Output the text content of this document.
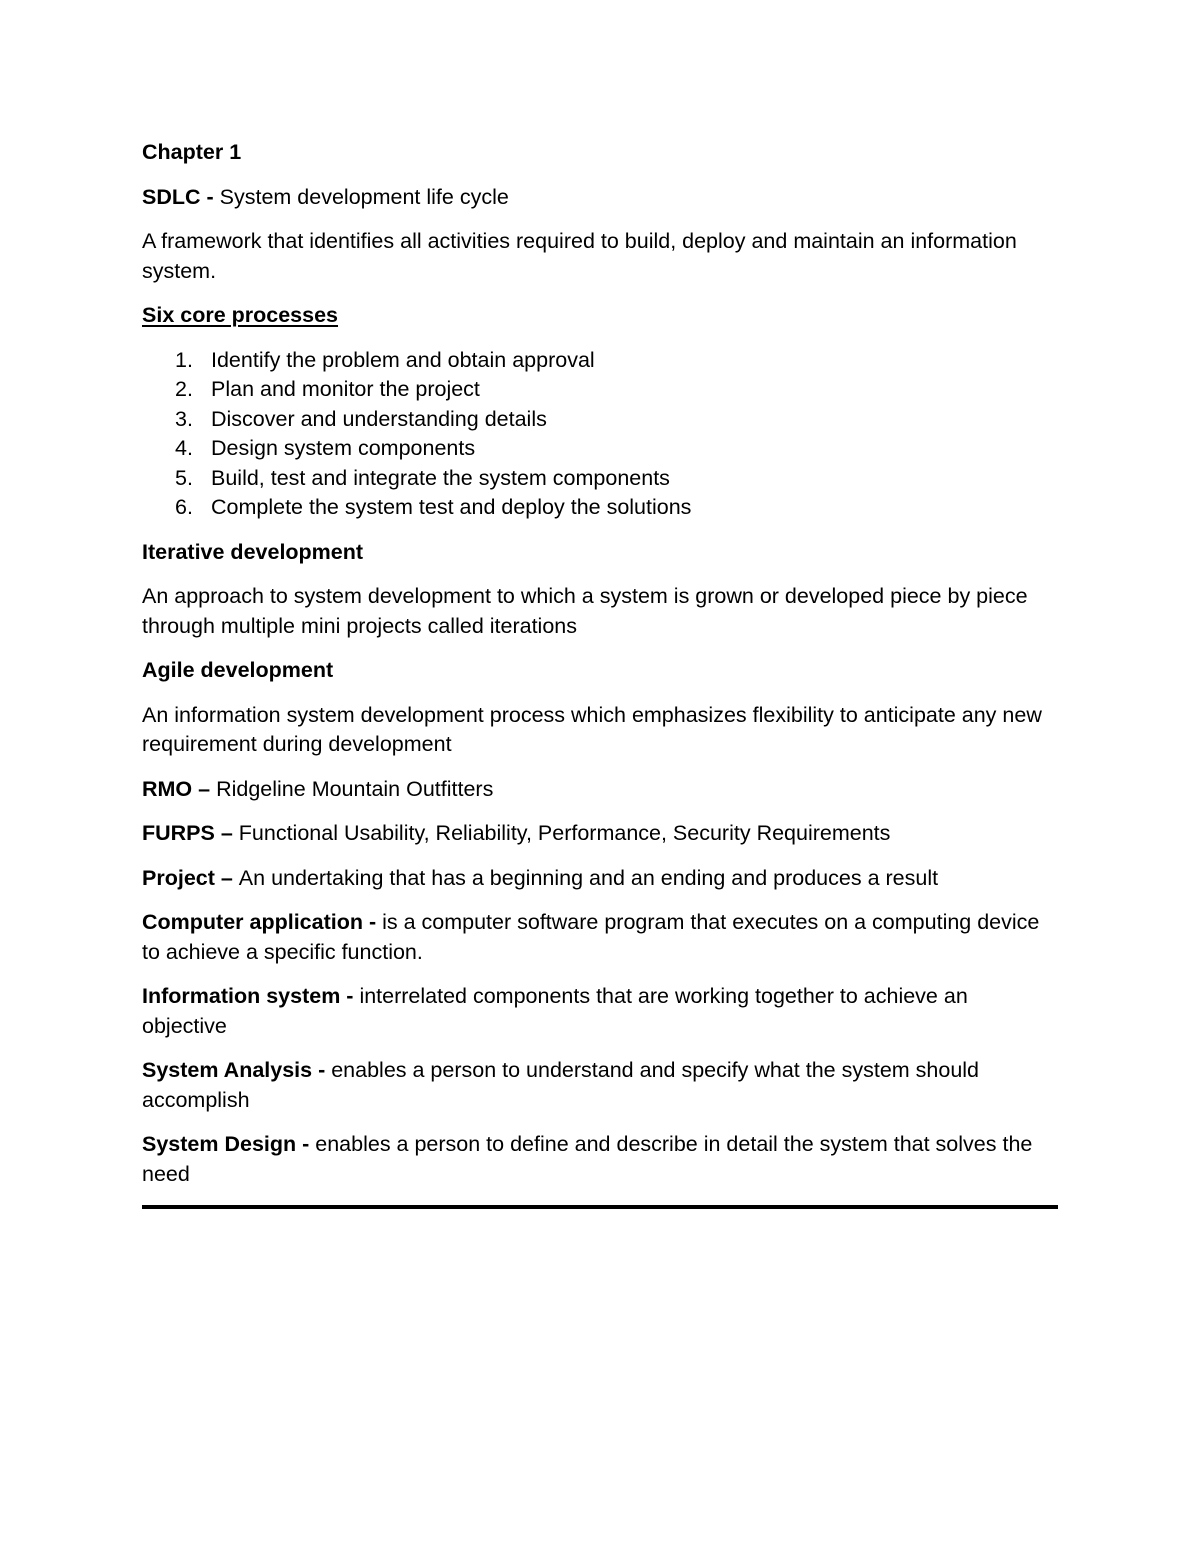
Chapter 1

SDLC - System development life cycle

A framework that identifies all activities required to build, deploy and maintain an information system.

Six core processes

1. Identify the problem and obtain approval
2. Plan and monitor the project
3. Discover and understanding details
4. Design system components
5. Build, test and integrate the system components
6. Complete the system test and deploy the solutions

Iterative development

An approach to system development to which a system is grown or developed piece by piece through multiple mini projects called iterations

Agile development

An information system development process which emphasizes flexibility to anticipate any new requirement during development

RMO – Ridgeline Mountain Outfitters

FURPS – Functional Usability, Reliability, Performance, Security Requirements

Project – An undertaking that has a beginning and an ending and produces a result

Computer application - is a computer software program that executes on a computing device to achieve a specific function.

Information system - interrelated components that are working together to achieve an objective

System Analysis - enables a person to understand and specify what the system should accomplish

System Design - enables a person to define and describe in detail the system that solves the need
